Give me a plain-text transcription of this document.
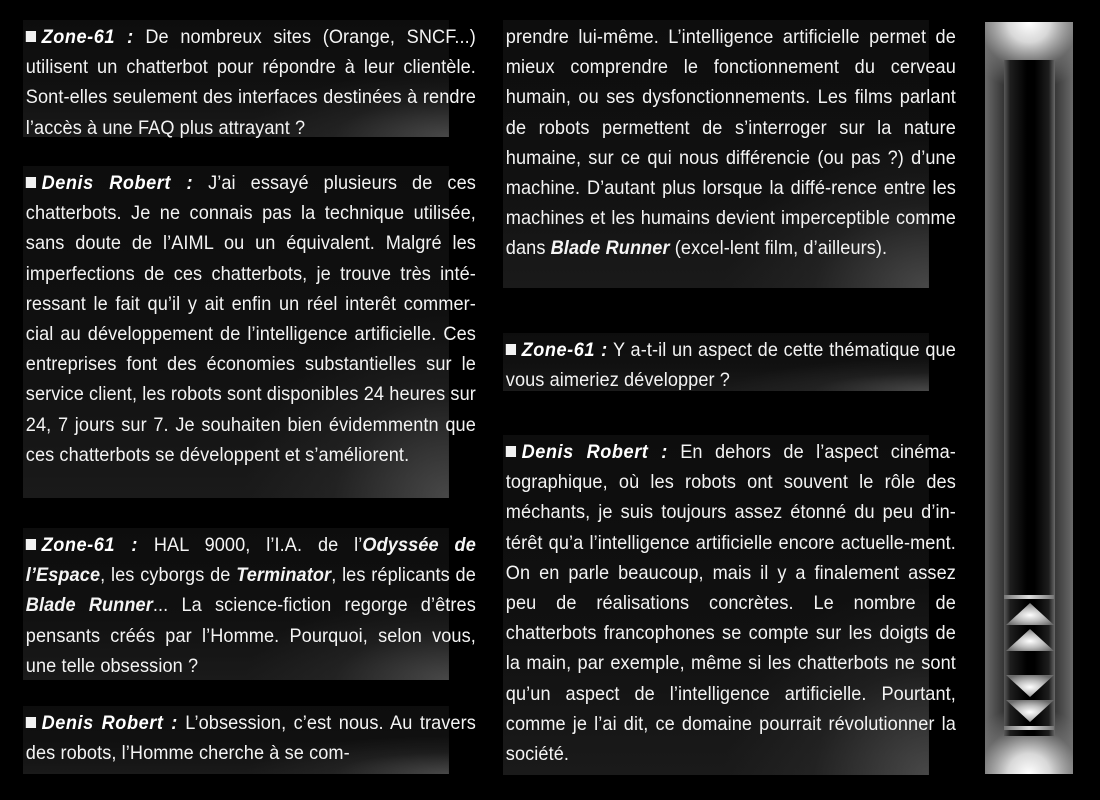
Zone-61 : De nombreux sites (Orange, SNCF...) utilisent un chatterbot pour répondre à leur clientèle. Sont-elles seulement des interfaces destinées à rendre l’accès à une FAQ plus attrayant ?
Denis Robert : J’ai essayé plusieurs de ces chatterbots. Je ne connais pas la technique utilisée, sans doute de l’AIML ou un équivalent. Malgré les imperfections de ces chatterbots, je trouve très inté-ressant le fait qu’il y ait enfin un réel interêt commer-cial au développement de l’intelligence artificielle. Ces entreprises font des économies substantielles sur le service client, les robots sont disponibles 24 heures sur 24, 7 jours sur 7. Je souhaiten bien évidemmentn que ces chatterbots se développent et s’améliorent.
Zone-61 : HAL 9000, l’I.A. de l’Odyssée de l’Espace, les cyborgs de Terminator, les réplicants de Blade Runner... La science-fiction regorge d’êtres pensants créés par l’Homme. Pourquoi, selon vous, une telle obsession ?
Denis Robert : L’obsession, c’est nous. Au travers des robots, l’Homme cherche à se com-
prendre lui-même. L’intelligence artificielle permet de mieux comprendre le fonctionnement du cerveau humain, ou ses dysfonctionnements. Les films parlant de robots permettent de s’interroger sur la nature humaine, sur ce qui nous différencie (ou pas ?) d’une machine. D’autant plus lorsque la diffé-rence entre les machines et les humains devient imperceptible comme dans Blade Runner (excel-lent film, d’ailleurs).
Zone-61 : Y a-t-il un aspect de cette thématique que vous aimeriez développer ?
Denis Robert : En dehors de l’aspect cinéma-tographique, où les robots ont souvent le rôle des méchants, je suis toujours assez étonné du peu d’in-térêt qu’a l’intelligence artificielle encore actuelle-ment. On en parle beaucoup, mais il y a finalement assez peu de réalisations concrètes. Le nombre de chatterbots francophones se compte sur les doigts de la main, par exemple, même si les chatterbots ne sont qu’un aspect de l’intelligence artificielle. Pourtant, comme je l’ai dit, ce domaine pourrait révolutionner la société.
